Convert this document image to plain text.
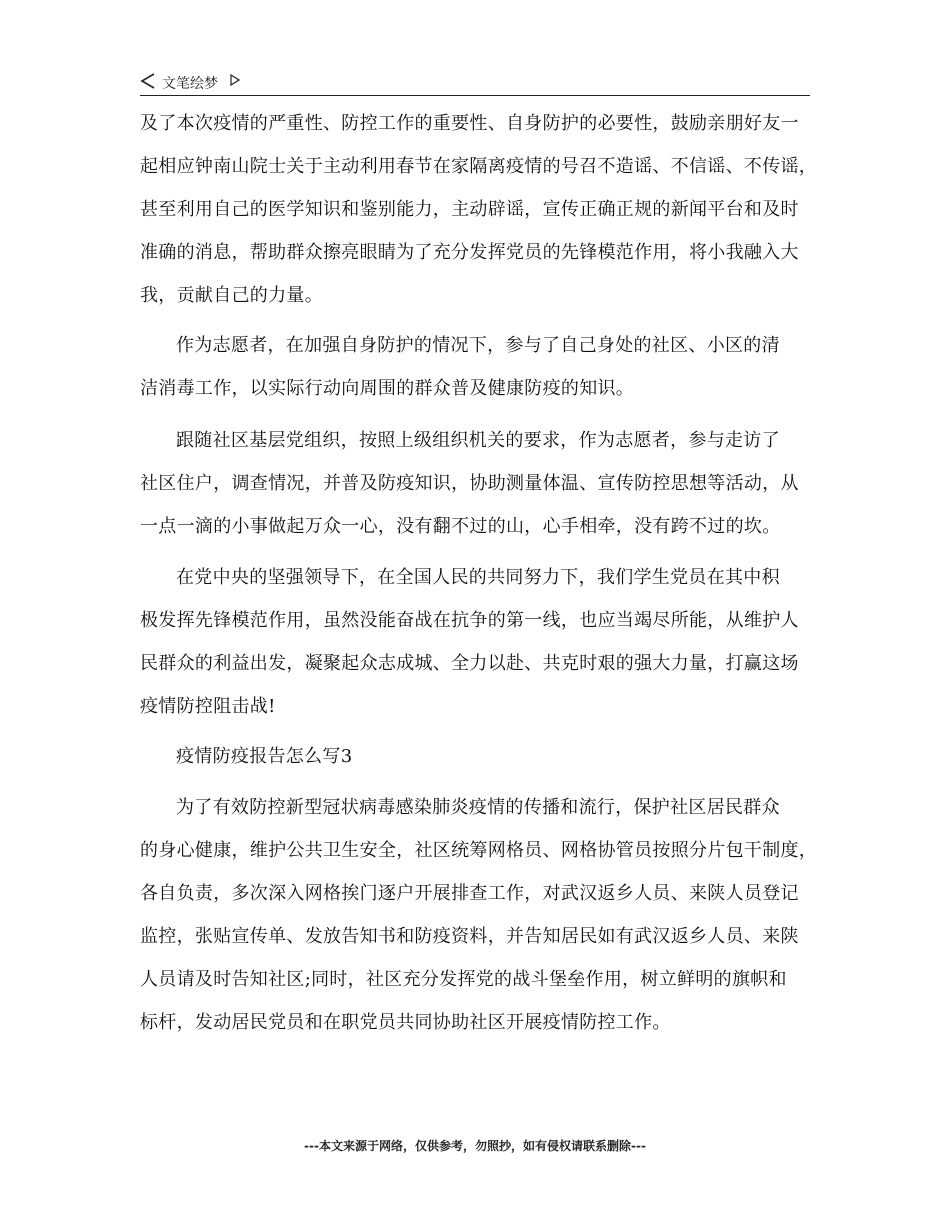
文笔绘梦
及了本次疫情的严重性、防控工作的重要性、自身防护的必要性，鼓励亲朋好友一
起相应钟南山院士关于主动利用春节在家隔离疫情的号召不造谣、不信谣、不传谣，
甚至利用自己的医学知识和鉴别能力，主动辟谣，宣传正确正规的新闻平台和及时
准确的消息，帮助群众擦亮眼睛为了充分发挥党员的先锋模范作用，将小我融入大
我，贡献自己的力量。
作为志愿者，在加强自身防护的情况下，参与了自己身处的社区、小区的清
洁消毒工作，以实际行动向周围的群众普及健康防疫的知识。
跟随社区基层党组织，按照上级组织机关的要求，作为志愿者，参与走访了
社区住户，调查情况，并普及防疫知识，协助测量体温、宣传防控思想等活动，从
一点一滴的小事做起万众一心，没有翻不过的山，心手相牵，没有跨不过的坎。
在党中央的坚强领导下，在全国人民的共同努力下，我们学生党员在其中积
极发挥先锋模范作用，虽然没能奋战在抗争的第一线，也应当竭尽所能，从维护人
民群众的利益出发，凝聚起众志成城、全力以赴、共克时艰的强大力量，打赢这场
疫情防控阻击战!
疫情防疫报告怎么写3
为了有效防控新型冠状病毒感染肺炎疫情的传播和流行，保护社区居民群众
的身心健康，维护公共卫生安全，社区统筹网格员、网格协管员按照分片包干制度，
各自负责，多次深入网格挨门逐户开展排查工作，对武汉返乡人员、来陕人员登记
监控，张贴宣传单、发放告知书和防疫资料，并告知居民如有武汉返乡人员、来陕
人员请及时告知社区;同时，社区充分发挥党的战斗堡垒作用，树立鲜明的旗帜和
标杆，发动居民党员和在职党员共同协助社区开展疫情防控工作。
---本文来源于网络，仅供参考，勿照抄，如有侵权请联系删除---
